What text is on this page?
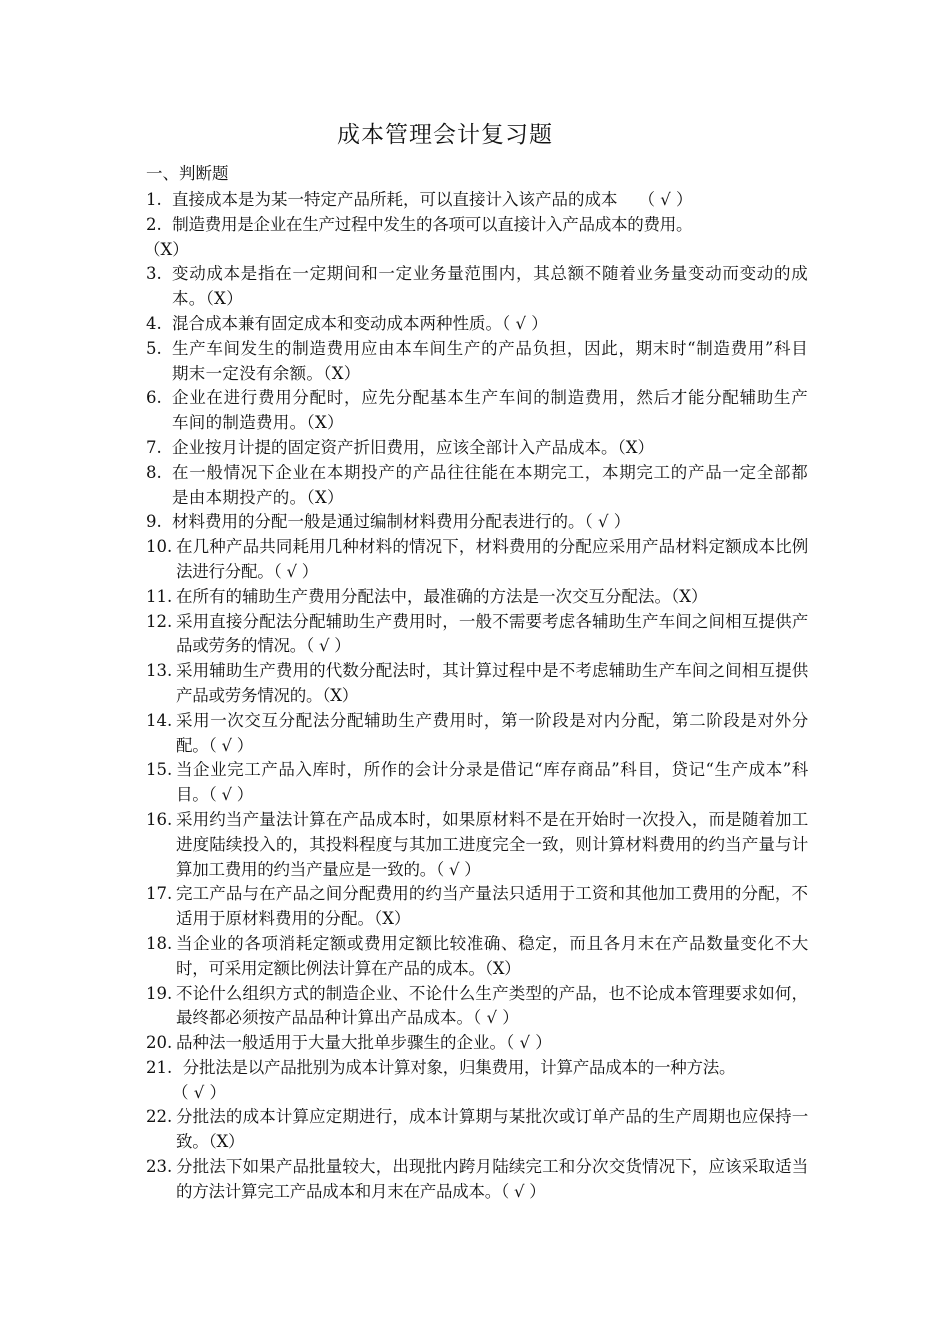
成本管理会计复习题
一、判断题
1. 直接成本是为某一特定产品所耗，可以直接计入该产品的成本 （ √ ）
2. 制造费用是企业在生产过程中发生的各项可以直接计入产品成本的费用。
（X）
3. 变动成本是指在一定期间和一定业务量范围内，其总额不随着业务量变动而变动的成本。（X）
4. 混合成本兼有固定成本和变动成本两种性质。（ √ ）
5. 生产车间发生的制造费用应由本车间生产的产品负担，因此，期末时“制造费用”科目期末一定没有余额。（X）
6. 企业在进行费用分配时，应先分配基本生产车间的制造费用，然后才能分配辅助生产车间的制造费用。（X）
7. 企业按月计提的固定资产折旧费用，应该全部计入产品成本。（X）
8. 在一般情况下企业在本期投产的产品往往能在本期完工，本期完工的产品一定全部都是由本期投产的。（X）
9. 材料费用的分配一般是通过编制材料费用分配表进行的。（ √ ）
10. 在几种产品共同耗用几种材料的情况下，材料费用的分配应采用产品材料定额成本比例法进行分配。（ √ ）
11. 在所有的辅助生产费用分配法中，最准确的方法是一次交互分配法。（X）
12. 采用直接分配法分配辅助生产费用时，一般不需要考虑各辅助生产车间之间相互提供产品或劳务的情况。（ √ ）
13. 采用辅助生产费用的代数分配法时，其计算过程中是不考虑辅助生产车间之间相互提供产品或劳务情况的。（X）
14. 采用一次交互分配法分配辅助生产费用时，第一阶段是对内分配，第二阶段是对外分配。（ √ ）
15. 当企业完工产品入库时，所作的会计分录是借记“库存商品”科目，贷记“生产成本”科目。（ √ ）
16. 采用约当产量法计算在产品成本时，如果原材料不是在开始时一次投入，而是随着加工进度陆续投入的，其投料程度与其加工进度完全一致，则计算材料费用的约当产量与计算加工费用的约当产量应是一致的。（ √ ）
17. 完工产品与在产品之间分配费用的约当产量法只适用于工资和其他加工费用的分配，不适用于原材料费用的分配。（X）
18. 当企业的各项消耗定额或费用定额比较准确、稳定，而且各月末在产品数量变化不大时，可采用定额比例法计算在产品的成本。（X）
19. 不论什么组织方式的制造企业、不论什么生产类型的产品，也不论成本管理要求如何，最终都必须按产品品种计算出产品成本。（ √ ）
20. 品种法一般适用于大量大批单步骤生的企业。（ √ ）
21. 分批法是以产品批别为成本计算对象，归集费用，计算产品成本的一种方法。
（ √ ）
22. 分批法的成本计算应定期进行，成本计算期与某批次或订单产品的生产周期也应保持一致。（X）
23. 分批法下如果产品批量较大，出现批内跨月陆续完工和分次交货情况下，应该采取适当的方法计算完工产品成本和月末在产品成本。（ √ ）
